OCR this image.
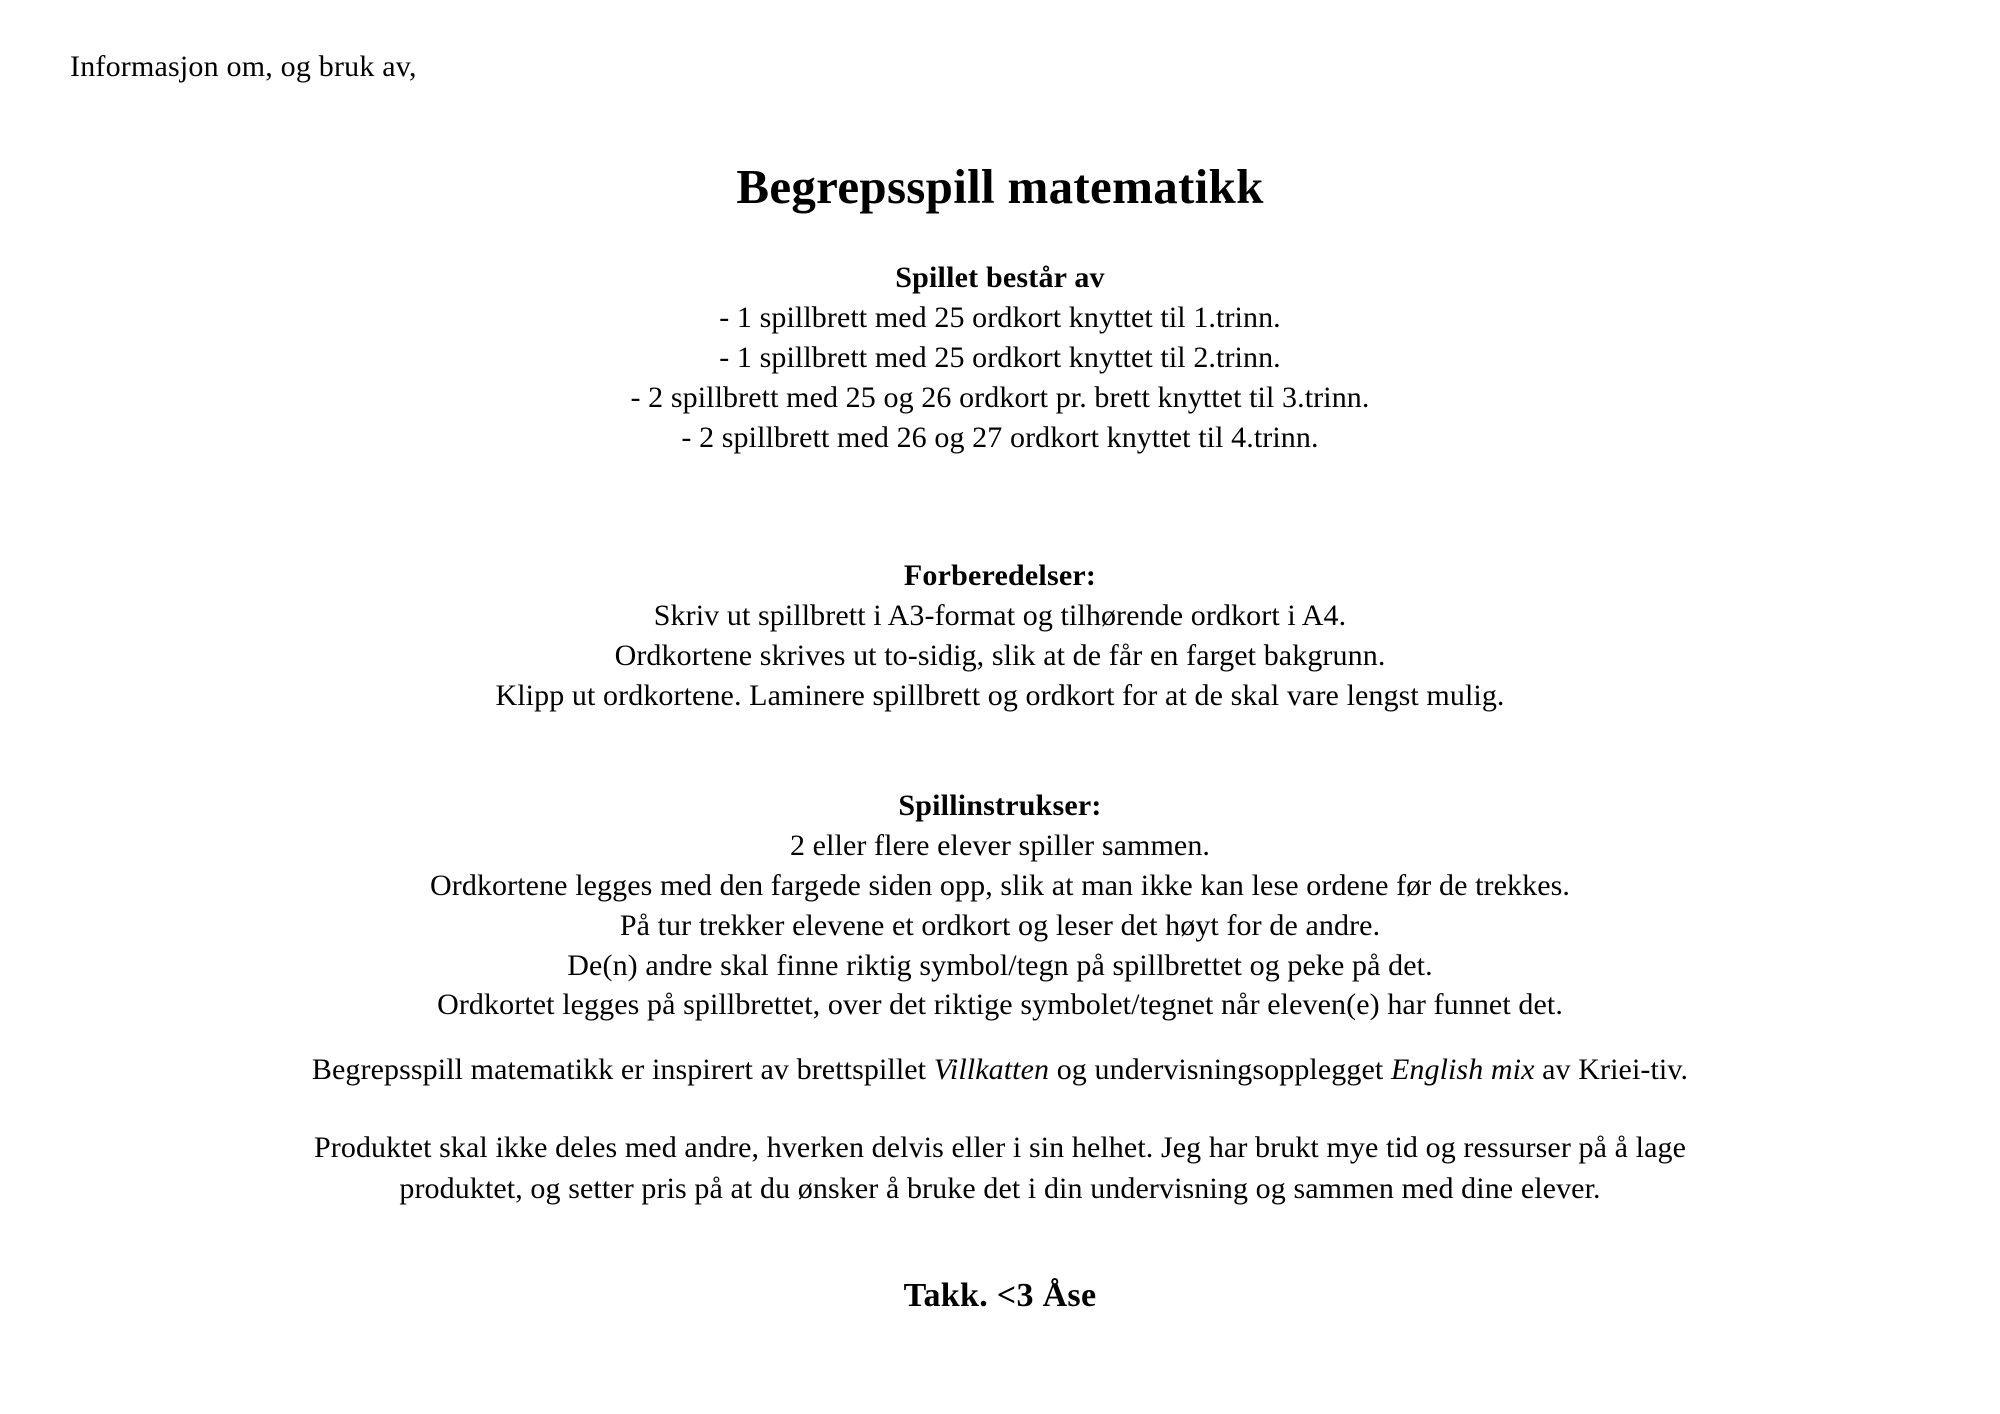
Informasjon om, og bruk av,
Begrepsspill matematikk

Spillet består av

- 1 spillbrett med 25 ordkort knyttet til 1.trinn.

- 1 spillbrett med 25 ordkort knyttet til 2.trinn.

- 2 spillbrett med 25 og 26 ordkort pr. brett knyttet til 3.trinn.

- 2 spillbrett med 26 og 27 ordkort knyttet til 4.trinn.

Forberedelser:

Skriv ut spillbrett i A3-format og tilhørende ordkort i A4.

Ordkortene skrives ut to-sidig, slik at de får en farget bakgrunn.

Klipp ut ordkortene. Laminere spillbrett og ordkort for at de skal vare lengst mulig.

Spillinstrukser:

2 eller flere elever spiller sammen.

Ordkortene legges med den fargede siden opp, slik at man ikke kan lese ordene før de trekkes.

På tur trekker elevene et ordkort og leser det høyt for de andre.

De(n) andre skal finne riktig symbol/tegn på spillbrettet og peke på det.

Ordkortet legges på spillbrettet, over det riktige symbolet/tegnet når eleven(e) har funnet det.

Begrepsspill matematikk er inspirert av brettspillet Villkatten og undervisningsopplegget English mix av Kriei-tiv.

Produktet skal ikke deles med andre, hverken delvis eller i sin helhet. Jeg har brukt mye tid og ressurser på å lage produktet, og setter pris på at du ønsker å bruke det i din undervisning og sammen med dine elever.

Takk. <3 Åse
